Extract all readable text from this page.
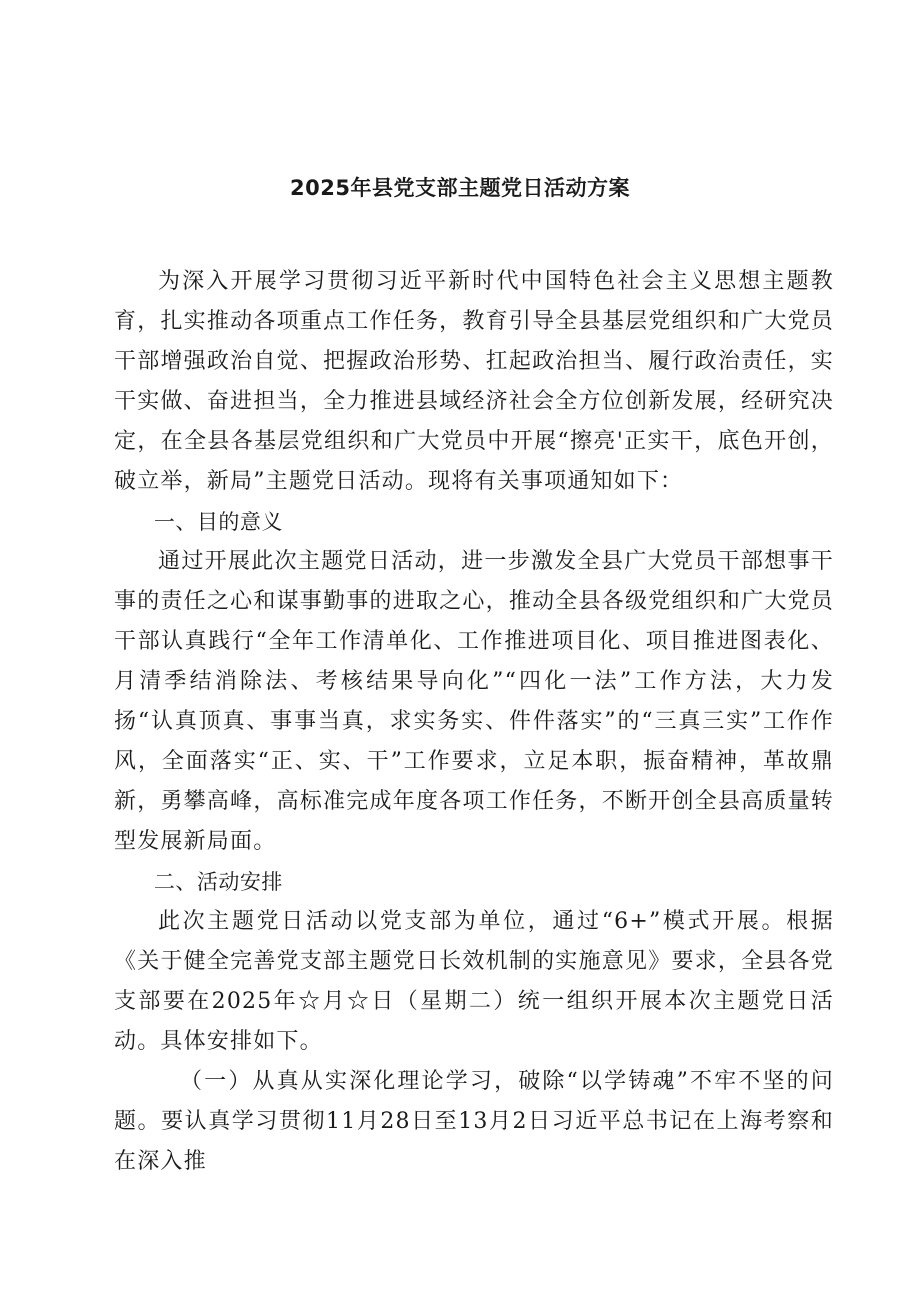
2025年县党支部主题党日活动方案

为深入开展学习贯彻习近平新时代中国特色社会主义思想主题教育，扎实推动各项重点工作任务，教育引导全县基层党组织和广大党员干部增强政治自觉、把握政治形势、扛起政治担当、履行政治责任，实干实做、奋进担当，全力推进县域经济社会全方位创新发展，经研究决定，在全县各基层党组织和广大党员中开展“擦亮'正实干，底色开创，破立举，新局”主题党日活动。现将有关事项通知如下：

一、目的意义

通过开展此次主题党日活动，进一步激发全县广大党员干部想事干事的责任之心和谋事勤事的进取之心，推动全县各级党组织和广大党员干部认真践行“全年工作清单化、工作推进项目化、项目推进图表化、月清季结消除法、考核结果导向化”“四化一法”工作方法，大力发扬“认真顶真、事事当真，求实务实、件件落实”的“三真三实”工作作风，全面落实“正、实、干”工作要求，立足本职，振奋精神，革故鼎新，勇攀高峰，高标准完成年度各项工作任务，不断开创全县高质量转型发展新局面。

二、活动安排

此次主题党日活动以党支部为单位，通过“6+”模式开展。根据《关于健全完善党支部主题党日长效机制的实施意见》要求，全县各党支部要在2025年☆月☆日（星期二）统一组织开展本次主题党日活动。具体安排如下。

（一）从真从实深化理论学习，破除“以学铸魂”不牢不坚的问题。要认真学习贯彻11月28日至13月2日习近平总书记在上海考察和在深入推
